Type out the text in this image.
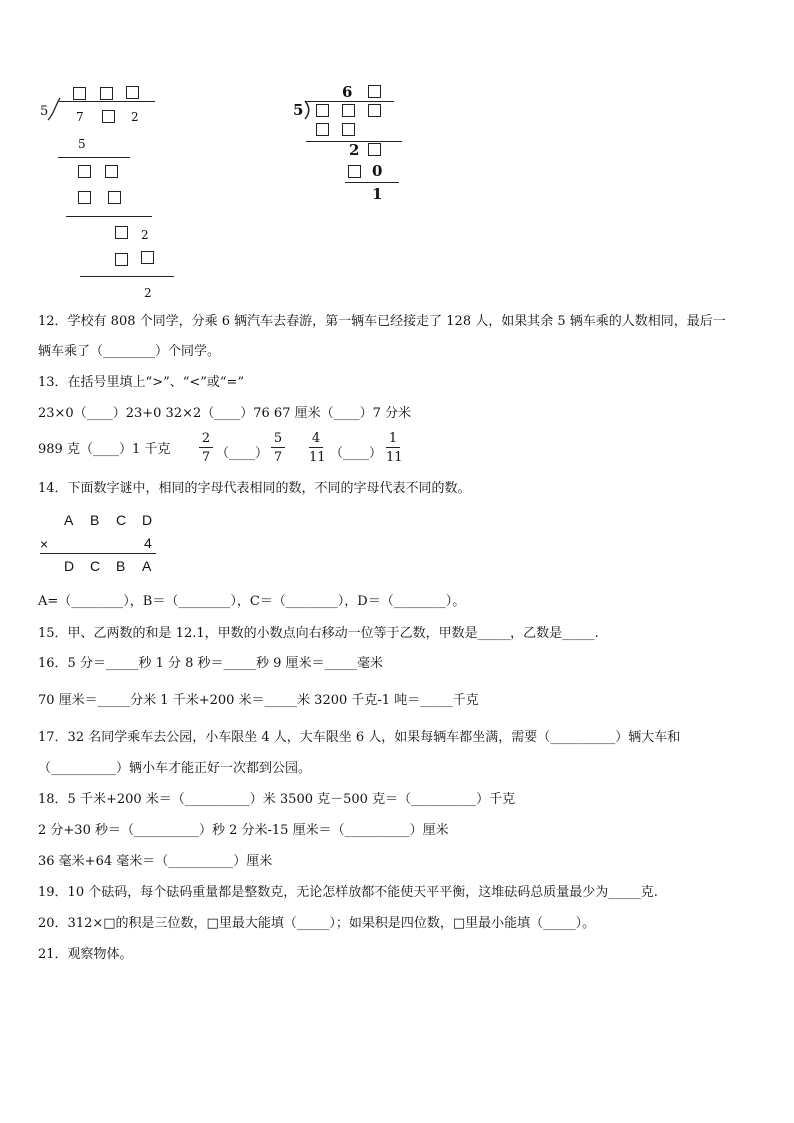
5 7	2
5
2
2
6
5
2
0
1
12．学校有 808 个同学，分乘 6 辆汽车去春游，第一辆车已经接走了 128 人，如果其余 5 辆车乘的人数相同，最后一
辆车乘了（________）个同学。
13．在括号里填上“>”、“<”或“=”
23×0（____）23+0 32×2（____）76 67 厘米（____）7 分米
989 克（____）1 千克
2
7 （____）
5
7
4
11 （____）
1
11
14．下面数字谜中，相同的字母代表相同的数，不同的字母代表不同的数。
A B C D
×	4
D C B A
A=（________），B＝（________），C＝（________），D＝（________）。
15．甲、乙两数的和是 12.1，甲数的小数点向右移动一位等于乙数，甲数是_____，乙数是_____.
16．5 分＝_____秒 1 分 8 秒＝_____秒 9 厘米＝_____毫米
70 厘米＝_____分米 1 千米+200 米＝_____米 3200 千克-1 吨＝_____千克
17．32 名同学乘车去公园，小车限坐 4 人，大车限坐 6 人，如果每辆车都坐满，需要（__________）辆大车和
（__________）辆小车才能正好一次都到公园。
18．5 千米+200 米＝（__________）米 3500 克－500 克＝（__________）千克
2 分+30 秒＝（__________）秒 2 分米-15 厘米＝（__________）厘米
36 毫米+64 毫米＝（__________）厘米
19．10 个砝码，每个砝码重量都是整数克，无论怎样放都不能使天平平衡，这堆砝码总质量最少为_____克.
20．312×□的积是三位数，□里最大能填（_____）；如果积是四位数，□里最小能填（_____）。
21．观察物体。
